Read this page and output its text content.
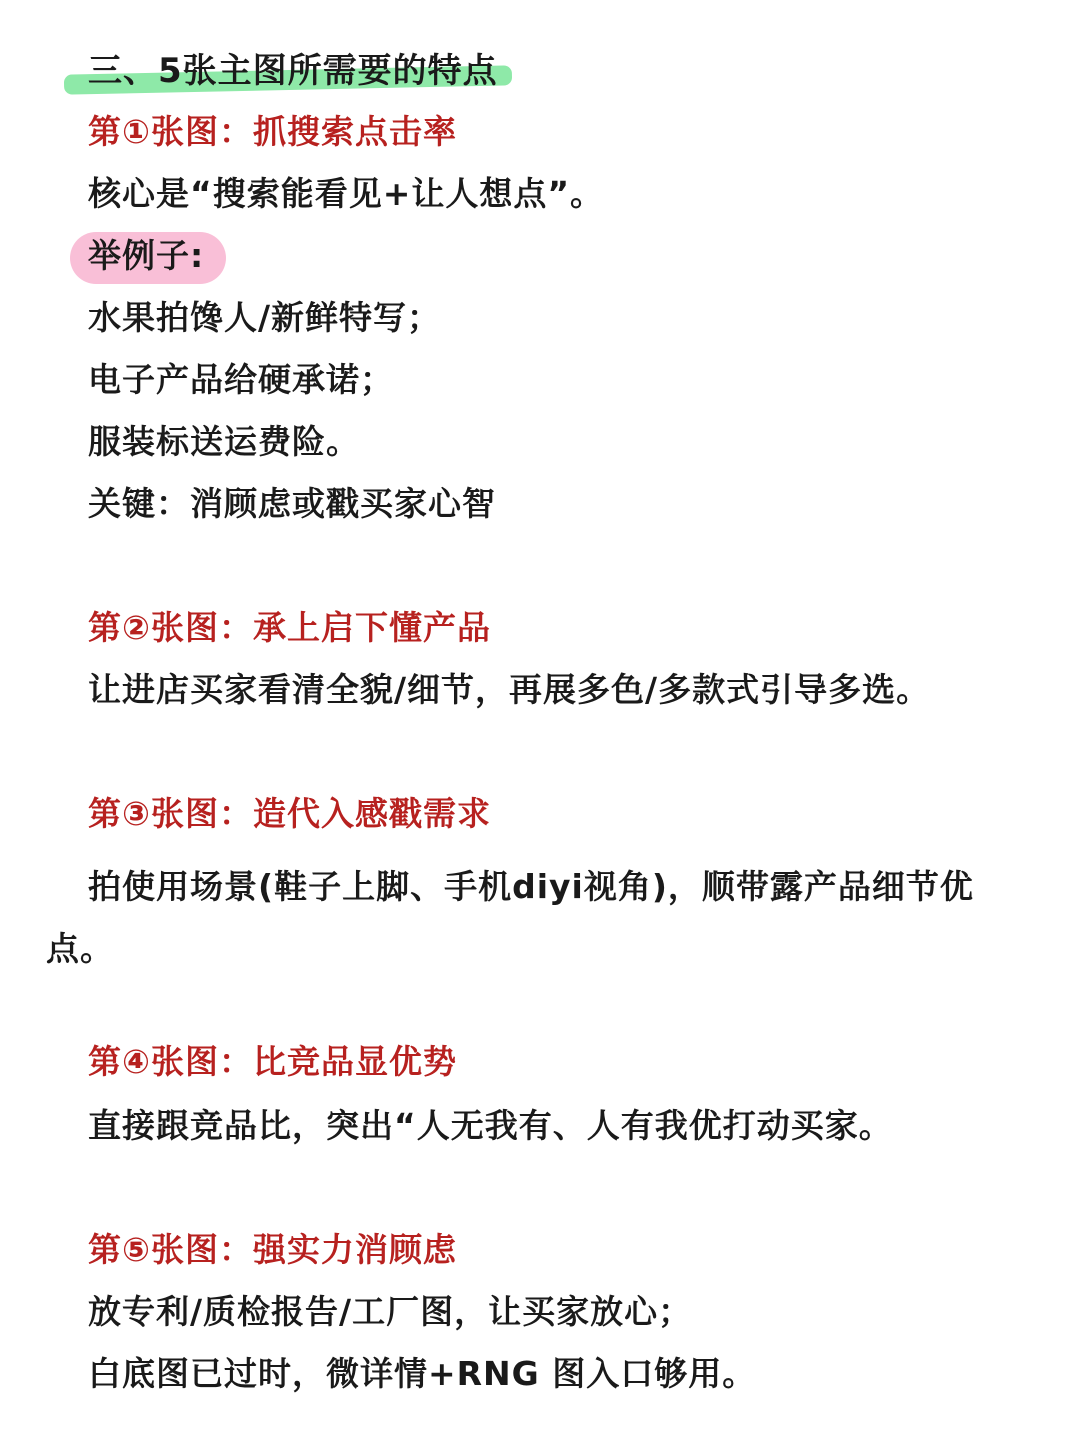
三、5张主图所需要的特点
第①张图：抓搜索点击率
核心是“搜索能看见+让人想点”。
举例子:
水果拍馋人/新鲜特写；
电子产品给硬承诺；
服装标送运费险。
关键：消顾虑或戳买家心智
第②张图：承上启下懂产品
让进店买家看清全貌/细节，再展多色/多款式引导多选。
第③张图：造代入感戳需求
拍使用场景(鞋子上脚、手机diyi视角)，顺带露产品细节优点。
第④张图：比竞品显优势
直接跟竞品比，突出“人无我有、人有我优打动买家。
第⑤张图：强实力消顾虑
放专利/质检报告/工厂图，让买家放心；
白底图已过时，微详情+RNG 图入口够用。
